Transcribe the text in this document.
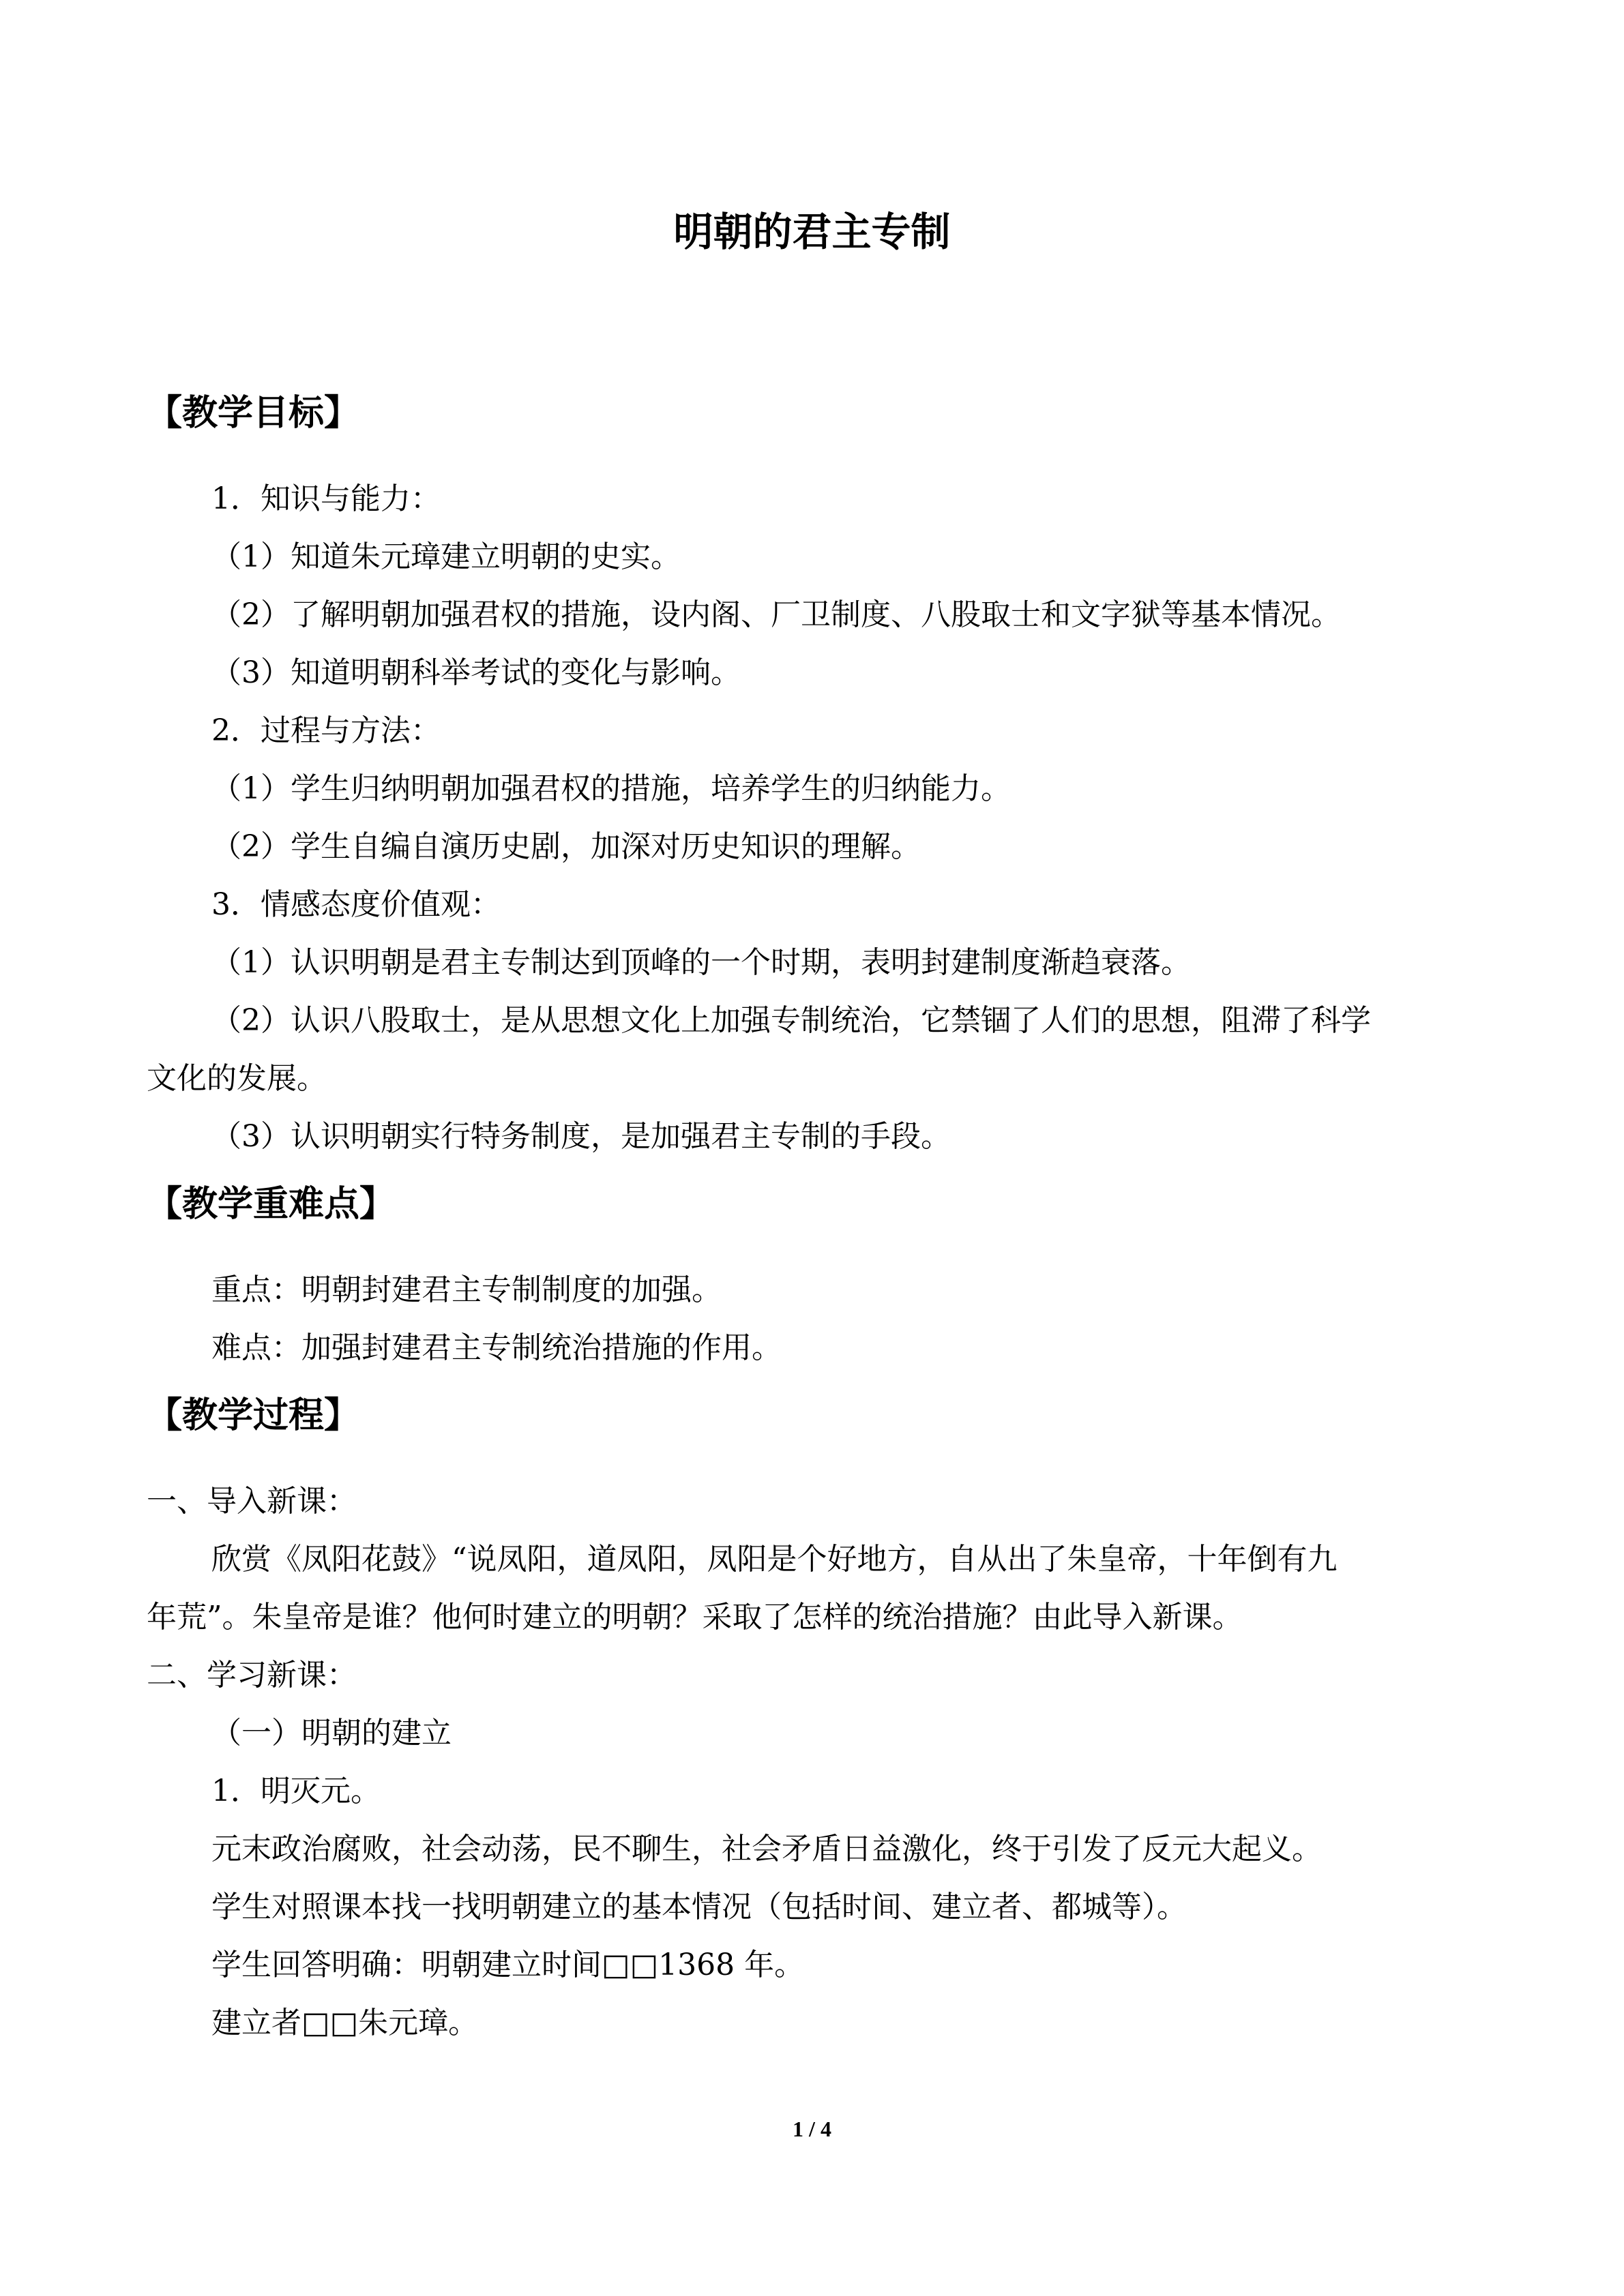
明朝的君主专制
【教学目标】
1．知识与能力：
（1）知道朱元璋建立明朝的史实。
（2）了解明朝加强君权的措施，设内阁、厂卫制度、八股取士和文字狱等基本情况。
（3）知道明朝科举考试的变化与影响。
2．过程与方法：
（1）学生归纳明朝加强君权的措施，培养学生的归纳能力。
（2）学生自编自演历史剧，加深对历史知识的理解。
3．情感态度价值观：
（1）认识明朝是君主专制达到顶峰的一个时期，表明封建制度渐趋衰落。
（2）认识八股取士，是从思想文化上加强专制统治，它禁锢了人们的思想，阻滞了科学
文化的发展。
（3）认识明朝实行特务制度，是加强君主专制的手段。
【教学重难点】
重点：明朝封建君主专制制度的加强。
难点：加强封建君主专制统治措施的作用。
【教学过程】
一、导入新课：
欣赏《凤阳花鼓》“说凤阳，道凤阳，凤阳是个好地方，自从出了朱皇帝，十年倒有九
年荒”。朱皇帝是谁？他何时建立的明朝？采取了怎样的统治措施？由此导入新课。
二、学习新课：
（一）明朝的建立
1．明灭元。
元末政治腐败，社会动荡，民不聊生，社会矛盾日益激化，终于引发了反元大起义。
学生对照课本找一找明朝建立的基本情况（包括时间、建立者、都城等）。
学生回答明确：明朝建立时间□□1368 年。
建立者□□朱元璋。
1 / 4
